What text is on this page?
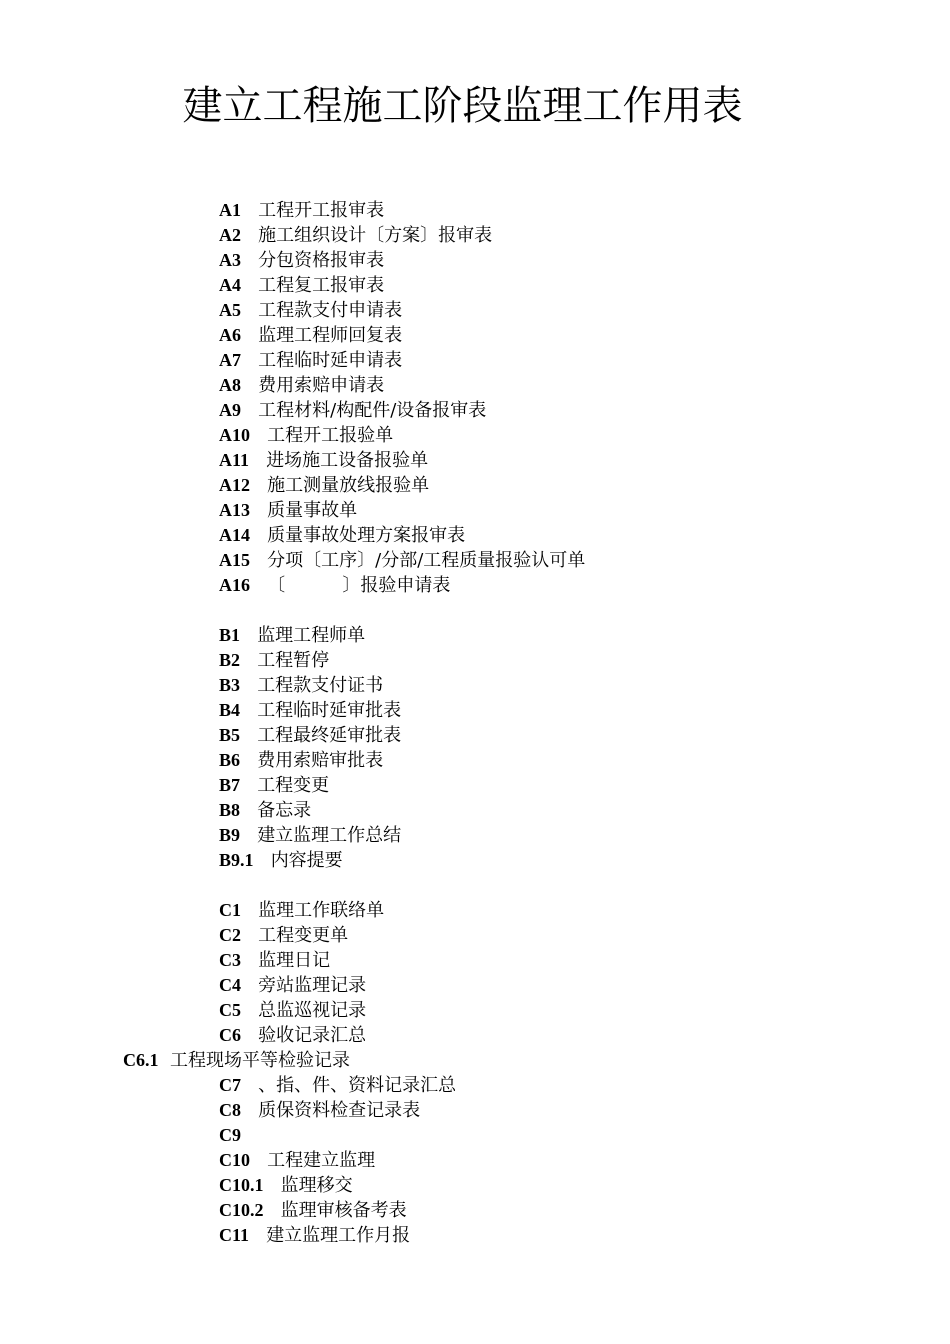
建立工程施工阶段监理工作用表
A1 工程开工报审表
A2 施工组织设计〔方案〕报审表
A3 分包资格报审表
A4 工程复工报审表
A5 工程款支付申请表
A6 监理工程师回复表
A7 工程临时延申请表
A8 费用索赔申请表
A9 工程材料/构配件/设备报审表
A10 工程开工报验单
A11 进场施工设备报验单
A12 施工测量放线报验单
A13 质量事故单
A14 质量事故处理方案报审表
A15 分项〔工序〕/分部/工程质量报验认可单
A16 〔          〕报验申请表
B1 监理工程师单
B2 工程暂停
B3 工程款支付证书
B4 工程临时延审批表
B5 工程最终延审批表
B6 费用索赔审批表
B7 工程变更
B8 备忘录
B9 建立监理工作总结
B9.1 内容提要
C1 监理工作联络单
C2 工程变更单
C3 监理日记
C4 旁站监理记录
C5 总监巡视记录
C6 验收记录汇总
C6.1 工程现场平等检验记录
C7 、指、件、资料记录汇总
C8 质保资料检查记录表
C9
C10 工程建立监理
C10.1 监理移交
C10.2 监理审核备考表
C11 建立监理工作月报
